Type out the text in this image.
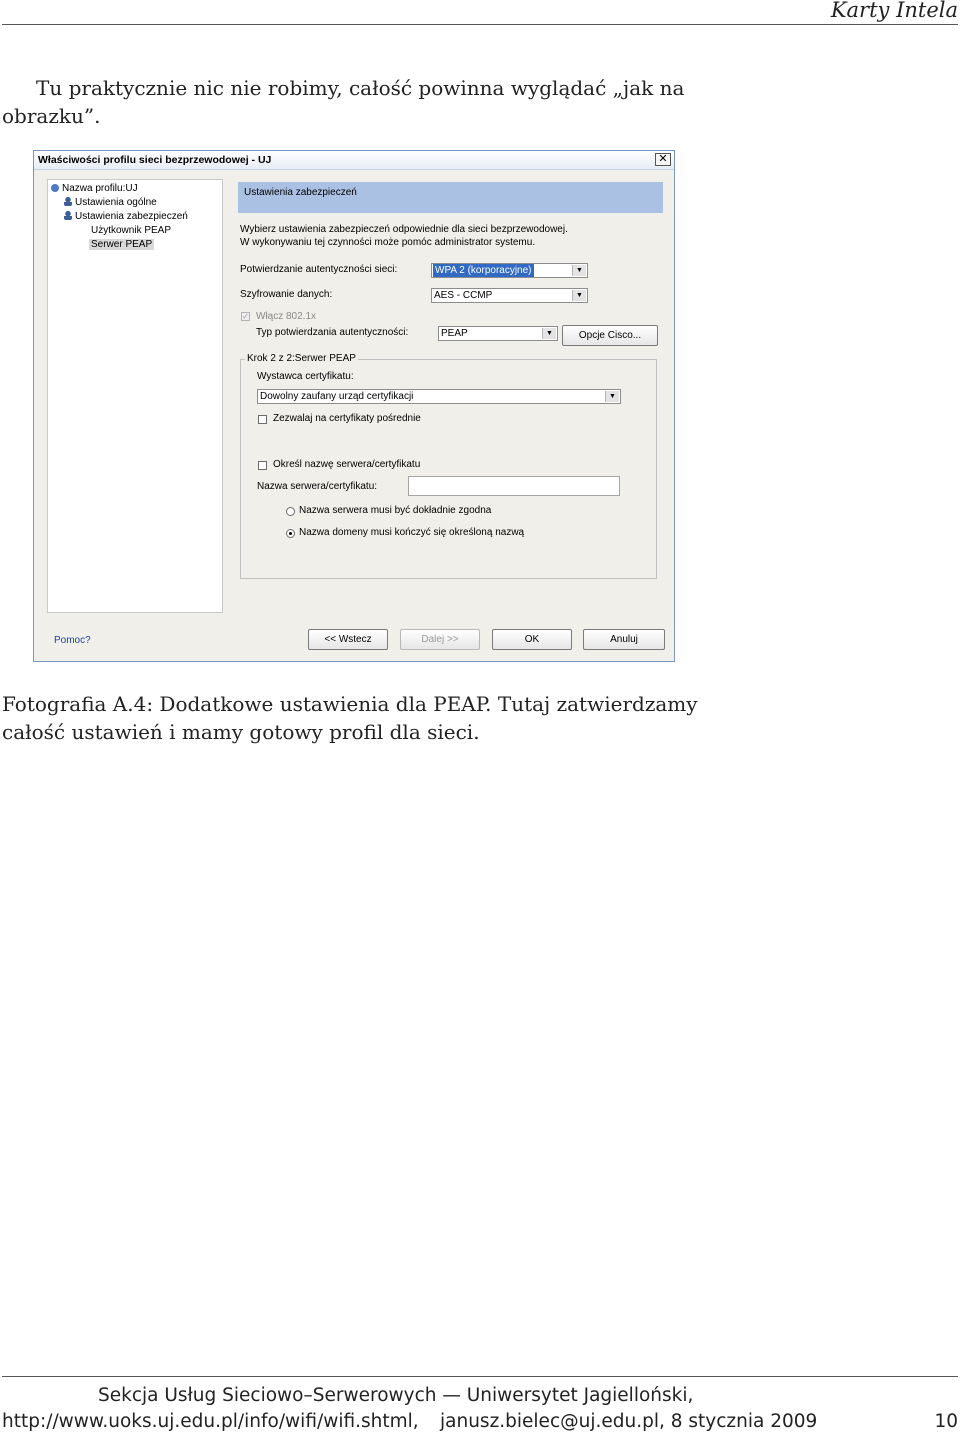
Karty Intela
Tu praktycznie nic nie robimy, całość powinna wyglądać „jak na obrazku”.
Właściwości profilu sieci bezprzewodowej - UJ	✕
Nazwa profilu:UJ
Ustawienia ogólne
Ustawienia zabezpieczeń
Użytkownik PEAP
Serwer PEAP
Ustawienia zabezpieczeń
Wybierz ustawienia zabezpieczeń odpowiednie dla sieci bezprzewodowej.
W wykonywaniu tej czynności może pomóc administrator systemu.
Potwierdzanie autentyczności sieci:	WPA 2 (korporacyjne)	▼
Szyfrowanie danych:	AES - CCMP	▼
✓ Włącz 802.1x
Typ potwierdzania autentyczności:	PEAP	▼	Opcje Cisco...
Krok 2 z 2:Serwer PEAP
Wystawca certyfikatu:
Dowolny zaufany urząd certyfikacji	▼
Zezwalaj na certyfikaty pośrednie
Określ nazwę serwera/certyfikatu
Nazwa serwera/certyfikatu:
Nazwa serwera musi być dokładnie zgodna
Nazwa domeny musi kończyć się określoną nazwą
Pomoc?	<< Wstecz	Dalej >>	OK	Anuluj
Fotografia A.4: Dodatkowe ustawienia dla PEAP. Tutaj zatwierdzamy całość ustawień i mamy gotowy profil dla sieci.
Sekcja Usług Sieciowo–Serwerowych — Uniwersytet Jagielloński,
http://www.uoks.uj.edu.pl/info/wifi/wifi.shtml, janusz.bielec@uj.edu.pl, 8 stycznia 2009	10
